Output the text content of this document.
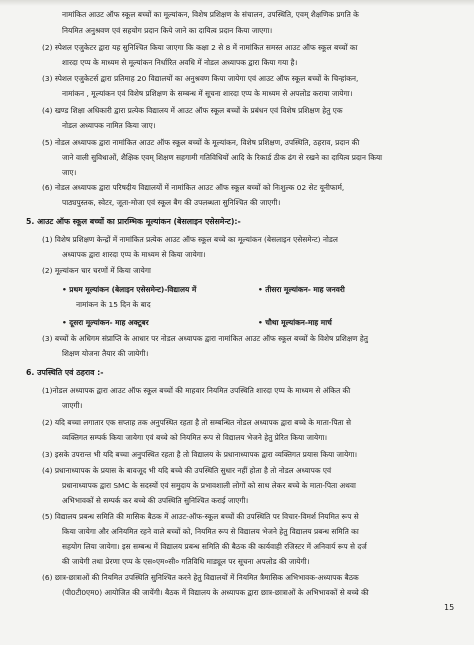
नामांकित आउट ऑफ स्कूल बच्चों का मूल्यांकन, विशेष प्रशिक्षण के संचालन, उपस्थिति, एवम् शैक्षणिक प्रगति के
नियमित अनुश्रवण एवं सहयोग प्रदान किये जाने का दायित्व प्रदान किया जाएगा।
(2) स्पेशल एजुकेटर द्वारा यह सुनिश्चित किया जाएगा कि कक्षा 2 से 8 में नामांकित समस्त आउट ऑफ स्कूल बच्चों का
शारदा एप्प के माध्यम से मूल्यांकन निर्धारित अवधि में नोडल अध्यापक द्वारा किया गया है।
(3) स्पेशल एजुकेटर्स द्वारा प्रतिमाह 20 विद्यालयों का अनुश्रवण किया जायेगा एवं आउट ऑफ स्कूल बच्चों के चिन्हांकन,
नामांकन , मूल्यांकन एवं विशेष प्रशिक्षण के सम्बन्ध में सूचना शारदा एप्प के माध्यम से अपलोड कराया जायेगा।
(4) खण्ड शिक्षा अधिकारी द्वारा प्रत्येक विद्यालय में आउट ऑफ स्कूल बच्चों के प्रबंधन एवं विशेष प्रशिक्षण हेतु एक
नोडल अध्यापक नामित किया जाए।
(5) नोडल अध्यापक द्वारा नामांकित आउट ऑफ स्कूल बच्चों के मूल्यांकन, विशेष प्रशिक्षण, उपस्थिति, ठहराव, प्रदान की
जाने वाली सुविधाओं, शैक्षिक एवम् शिक्षण सहगामी गतिविधियों आदि के रिकार्ड ठीक ढंग से रखने का दायित्व प्रदान किया
जाए।
(6) नोडल अध्यापक द्वारा परिषदीय विद्यालयों में नामांकित आउट ऑफ स्कूल बच्चों को निःशुल्क 02 सेट यूनीफार्म,
पाठ्यपुस्तक, स्वेटर, जूता-मोजा एवं स्कूल बैग की उपलब्धता सुनिश्चित की जाएगी।
5. आउट ऑफ स्कूल बच्चों का प्रारम्भिक मूल्यांकन (बेसलाइन एसेसमेन्ट):-
(1) विशेष प्रशिक्षण केन्द्रों में नामांकित प्रत्येक आउट ऑफ स्कूल बच्चे का मूल्यांकन (बेसलाइन एसेसमेन्ट) नोडल
अध्यापक द्वारा शारदा एप्प के माध्यम से किया जायेगा।
(2) मूल्यांकन चार चरणों में किया जायेगा
• प्रथम मूल्यांकन (बेलाइन एसेसमेन्ट)-विद्यालय में	• तीसरा मूल्यांकन- माह जनवरी
नामांकन के 15 दिन के बाद
• दूसरा मूल्यांकन- माह अक्टूबर	• चौथा मूल्यांकन-माह मार्च
(3) बच्चों के अधिगम संप्राप्ति के आधार पर नोडल अध्यापक द्वारा नामांकित आउट ऑफ स्कूल बच्चों के विशेष प्रशिक्षण हेतु
शिक्षण योजना तैयार की जायेगी।
6. उपस्थिति एवं ठहराव :-
(1)नोडल अध्यापक द्वारा आउट ऑफ स्कूल बच्चों की माहवार नियमित उपस्थिति शारदा एप्प के माध्यम से अंकित की
जाएगी।
(2) यदि बच्चा लगातार एक सप्ताह तक अनुपस्थित रहता है तो सम्बन्धित नोडल अध्यापक द्वारा बच्चे के माता-पिता से
व्यक्तिगत सम्पर्क किया जायेगा एवं बच्चे को नियमित रूप से विद्यालय भेजने हेतु प्रेरित किया जायेगा।
(3) इसके उपरान्त भी यदि बच्चा अनुपस्थित रहता है तो विद्यालय के प्रधानाध्यापक द्वारा व्यक्तिगत प्रयास किया जायेगा।
(4) प्रधानाध्यापक के प्रयास के बावजूद भी यदि बच्चे की उपस्थिति सुधार नहीं होता है तो नोडल अध्यापक एवं
प्रधानाध्यापक द्वारा SMC के सदस्यों एवं समुदाय के प्रभावशाली लोगों को साथ लेकर बच्चे के माता-पिता अथवा
अभिभावकों से सम्पर्क कर बच्चे की उपस्थिति सुनिश्चित कराई जाएगी।
(5) विद्यालय प्रबन्ध समिति की मासिक बैठक में आउट-ऑफ-स्कूल बच्चों की उपस्थिति पर विचार-विमर्श नियमित रूप से
किया जायेगा और अनियमित रहने वाले बच्चों को, नियमित रूप से विद्यालय भेजने हेतु विद्यालय प्रबन्ध समिति का
सहयोग लिया जायेगा। इस सम्बन्ध में विद्यालय प्रबन्ध समिति की बैठक की कार्यवाही रजिस्टर में अनिवार्य रूप से दर्ज
की जायेगी तथा प्रेरणा एप्प के एस०एम०सी० गतिविधि माड्यूल पर सूचना अपलोड की जायेगी।
(6) छात्र-छात्राओं की नियमित उपस्थिति सुनिश्चित करने हेतु विद्यालयों में नियमित त्रैमासिक अभिभावक-अध्यापक बैठक
(पी0टी0एम0) आयोजित की जायेंगी। बैठक में विद्यालय के अध्यापक द्वारा छात्र-छात्राओं के अभिभावकों से बच्चे की
15
